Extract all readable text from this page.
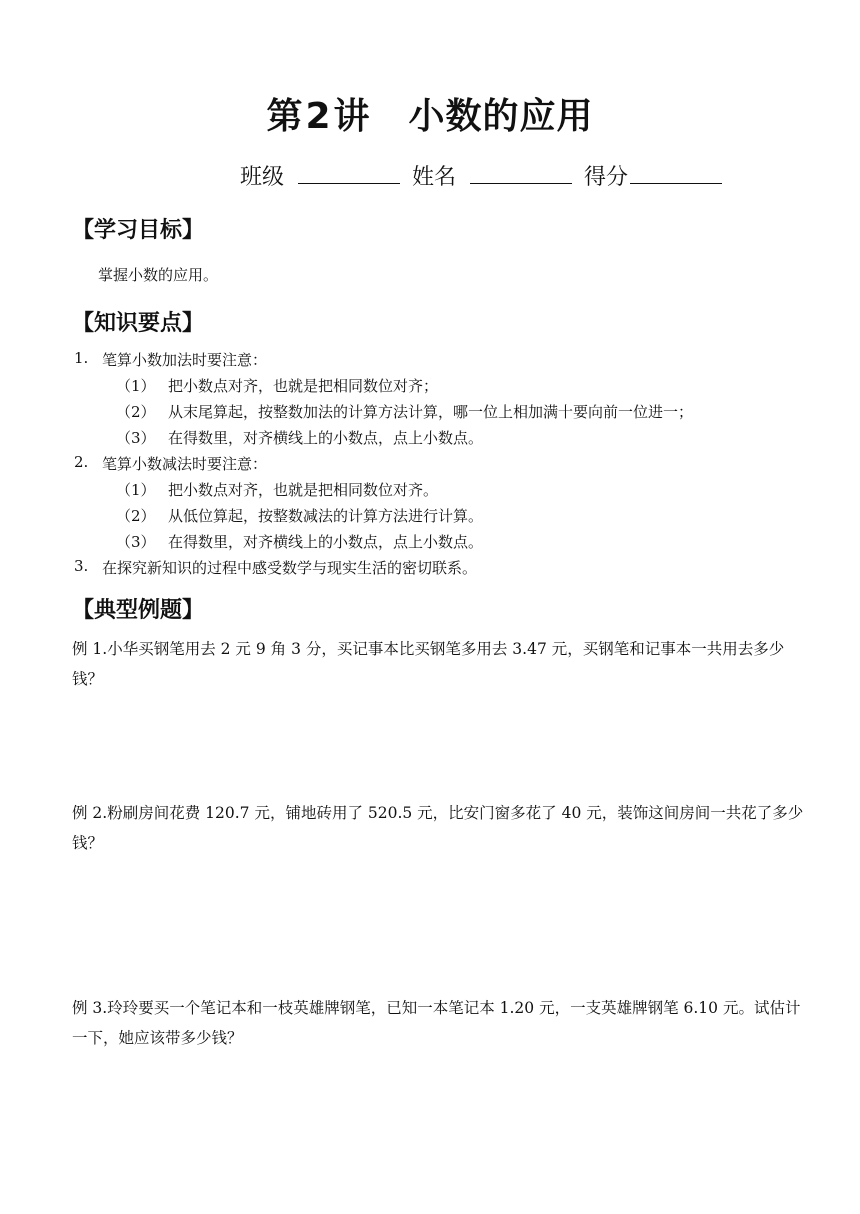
第2讲 小数的应用
班级	姓名	得分
【学习目标】
掌握小数的应用。
【知识要点】
1. 笔算小数加法时要注意：
（1） 把小数点对齐，也就是把相同数位对齐；
（2） 从末尾算起，按整数加法的计算方法计算，哪一位上相加满十要向前一位进一；
（3） 在得数里，对齐横线上的小数点，点上小数点。
2. 笔算小数减法时要注意：
（1） 把小数点对齐，也就是把相同数位对齐。
（2） 从低位算起，按整数减法的计算方法进行计算。
（3） 在得数里，对齐横线上的小数点，点上小数点。
3. 在探究新知识的过程中感受数学与现实生活的密切联系。
【典型例题】
例 1.小华买钢笔用去 2 元 9 角 3 分，买记事本比买钢笔多用去 3.47 元，买钢笔和记事本一共用去多少钱？
例 2.粉刷房间花费 120.7 元，铺地砖用了 520.5 元，比安门窗多花了 40 元，装饰这间房间一共花了多少钱？
例 3.玲玲要买一个笔记本和一枝英雄牌钢笔，已知一本笔记本 1.20 元，一支英雄牌钢笔 6.10 元。试估计一下，她应该带多少钱？
